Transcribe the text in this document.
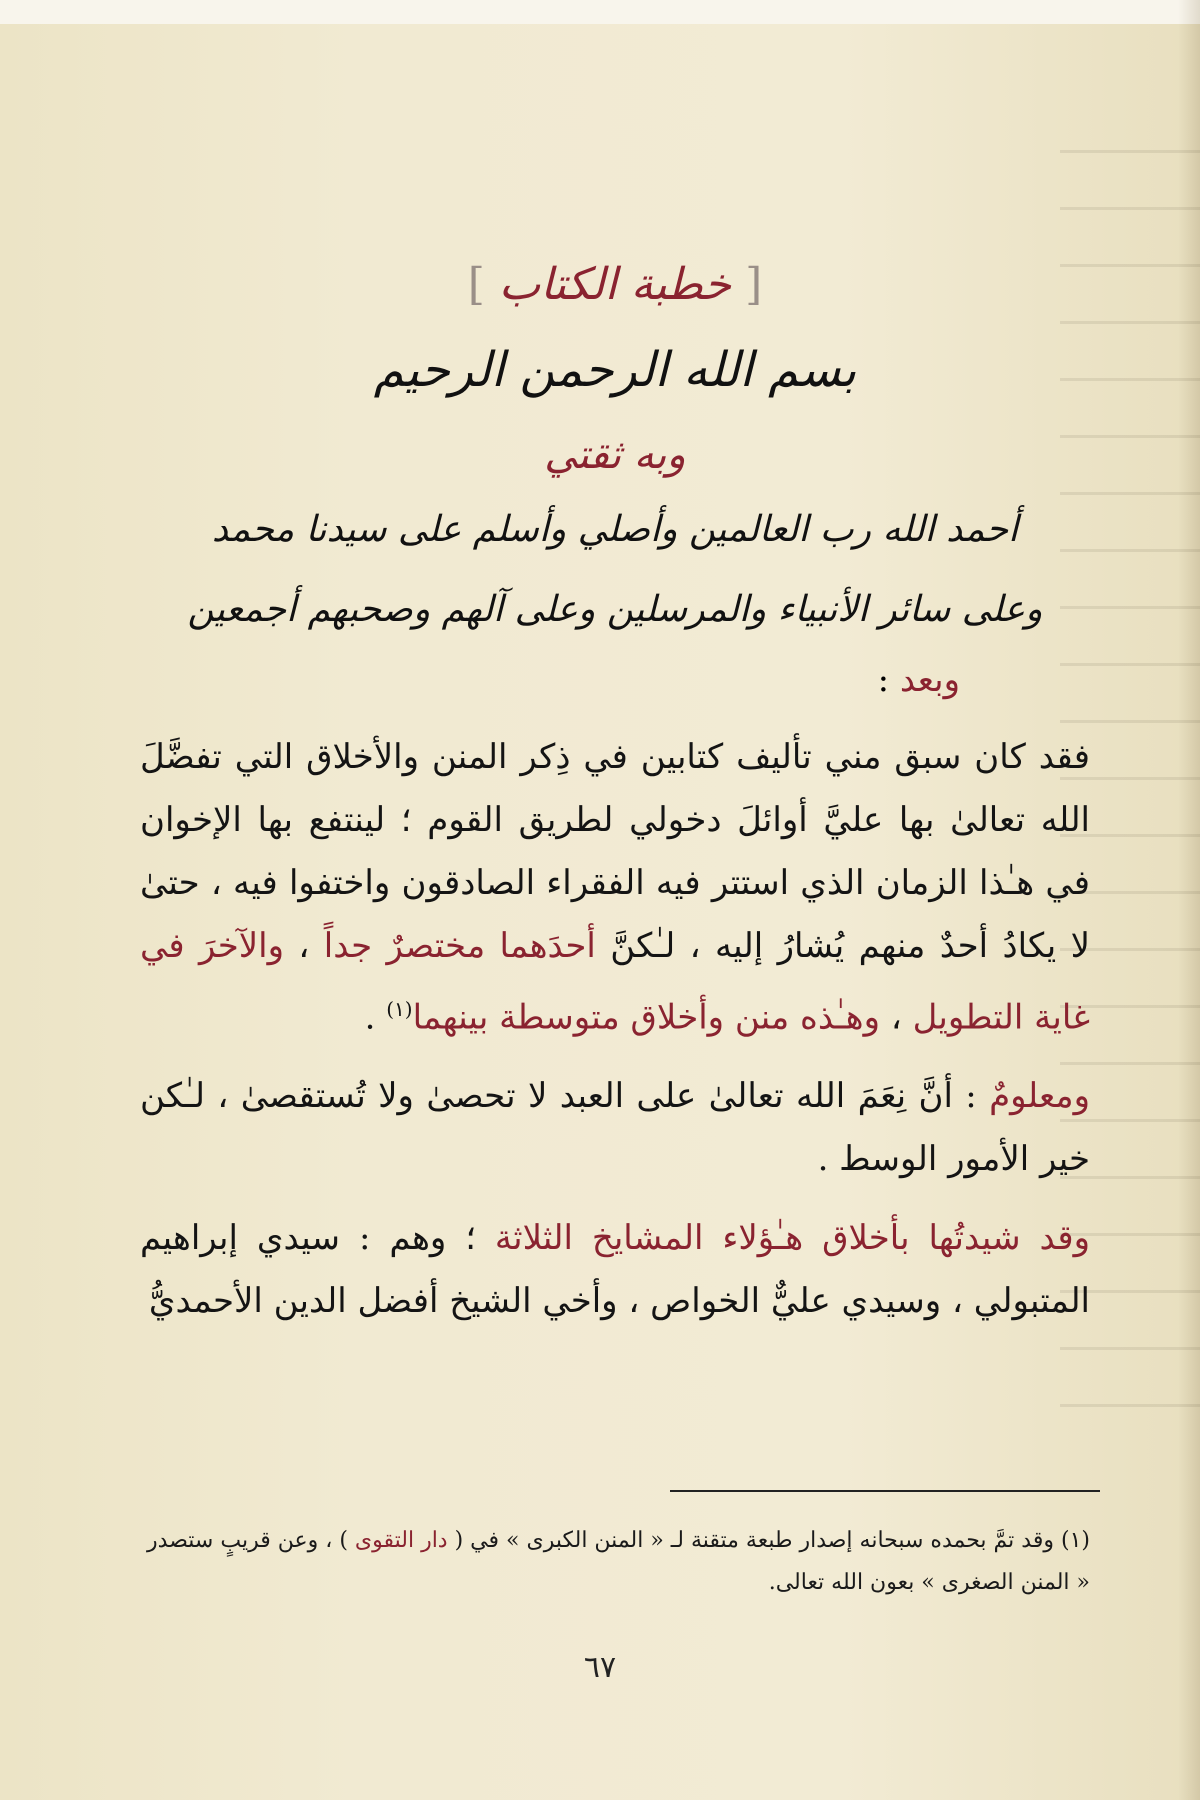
[ خطبة الكتاب ]
بسم الله الرحمن الرحيم
وبه ثقتي
أحمد الله رب العالمين وأصلي وأسلم على سيدنا محمد
وعلى سائر الأنبياء والمرسلين وعلى آلهم وصحبهم أجمعين
وبعد :

فقد كان سبق مني تأليف كتابين في ذِكر المنن والأخلاق التي تفضَّلَ الله تعالىٰ بها عليَّ أوائلَ دخولي لطريق القوم ؛ لينتفع بها الإخوان في هـٰذا الزمان الذي استتر فيه الفقراء الصادقون واختفوا فيه ، حتىٰ لا يكادُ أحدٌ منهم يُشارُ إليه ، لـٰكنَّ أحدَهما مختصرٌ جداً ، والآخرَ في غاية التطويل ، وهـٰذه منن وأخلاق متوسطة بينهما$^{(١)}$ .

ومعلومٌ : أنَّ نِعَمَ الله تعالىٰ على العبد لا تحصىٰ ولا تُستقصىٰ ، لـٰكن خير الأمور الوسط .

وقد شيدتُها بأخلاق هـٰؤلاء المشايخ الثلاثة ؛ وهم : سيدي إبراهيم المتبولي ، وسيدي عليٌّ الخواص ، وأخي الشيخ أفضل الدين الأحمديُّ

(١) وقد تمَّ بحمده سبحانه إصدار طبعة متقنة لـ « المنن الكبرى » في ( دار التقوى ) ، وعن قريبٍ ستصدر « المنن الصغرى » بعون الله تعالى.
٦٧
